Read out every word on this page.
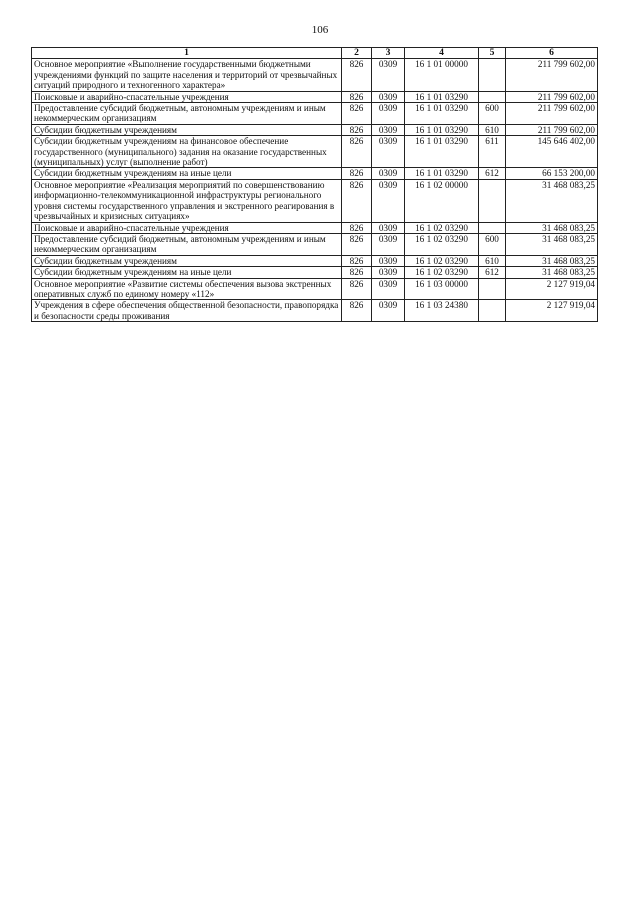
106
1	2	3	4	5	6
Основное мероприятие «Выполнение государственными бюджетными учреждениями функций по защите населения и территорий от чрезвычайных ситуаций природного и техногенного характера»	826	0309	16 1 01 00000		211 799 602,00
Поисковые и аварийно-спасательные учреждения	826	0309	16 1 01 03290		211 799 602,00
Предоставление субсидий бюджетным, автономным учреждениям и иным некоммерческим организациям	826	0309	16 1 01 03290	600	211 799 602,00
Субсидии бюджетным учреждениям	826	0309	16 1 01 03290	610	211 799 602,00
Субсидии бюджетным учреждениям на финансовое обеспечение государственного (муниципального) задания на оказание государственных (муниципальных) услуг (выполнение работ)	826	0309	16 1 01 03290	611	145 646 402,00
Субсидии бюджетным учреждениям на иные цели	826	0309	16 1 01 03290	612	66 153 200,00
Основное мероприятие «Реализация мероприятий по совершенствованию информационно-телекоммуникационной инфраструктуры регионального уровня системы государственного управления и экстренного реагирования в чрезвычайных и кризисных ситуациях»	826	0309	16 1 02 00000		31 468 083,25
Поисковые и аварийно-спасательные учреждения	826	0309	16 1 02 03290		31 468 083,25
Предоставление субсидий бюджетным, автономным учреждениям и иным некоммерческим организациям	826	0309	16 1 02 03290	600	31 468 083,25
Субсидии бюджетным учреждениям	826	0309	16 1 02 03290	610	31 468 083,25
Субсидии бюджетным учреждениям на иные цели	826	0309	16 1 02 03290	612	31 468 083,25
Основное мероприятие «Развитие системы обеспечения вызова экстренных оперативных служб по единому номеру «112»	826	0309	16 1 03 00000		2 127 919,04
Учреждения в сфере обеспечения общественной безопасности, правопорядка и безопасности среды проживания	826	0309	16 1 03 24380		2 127 919,04
